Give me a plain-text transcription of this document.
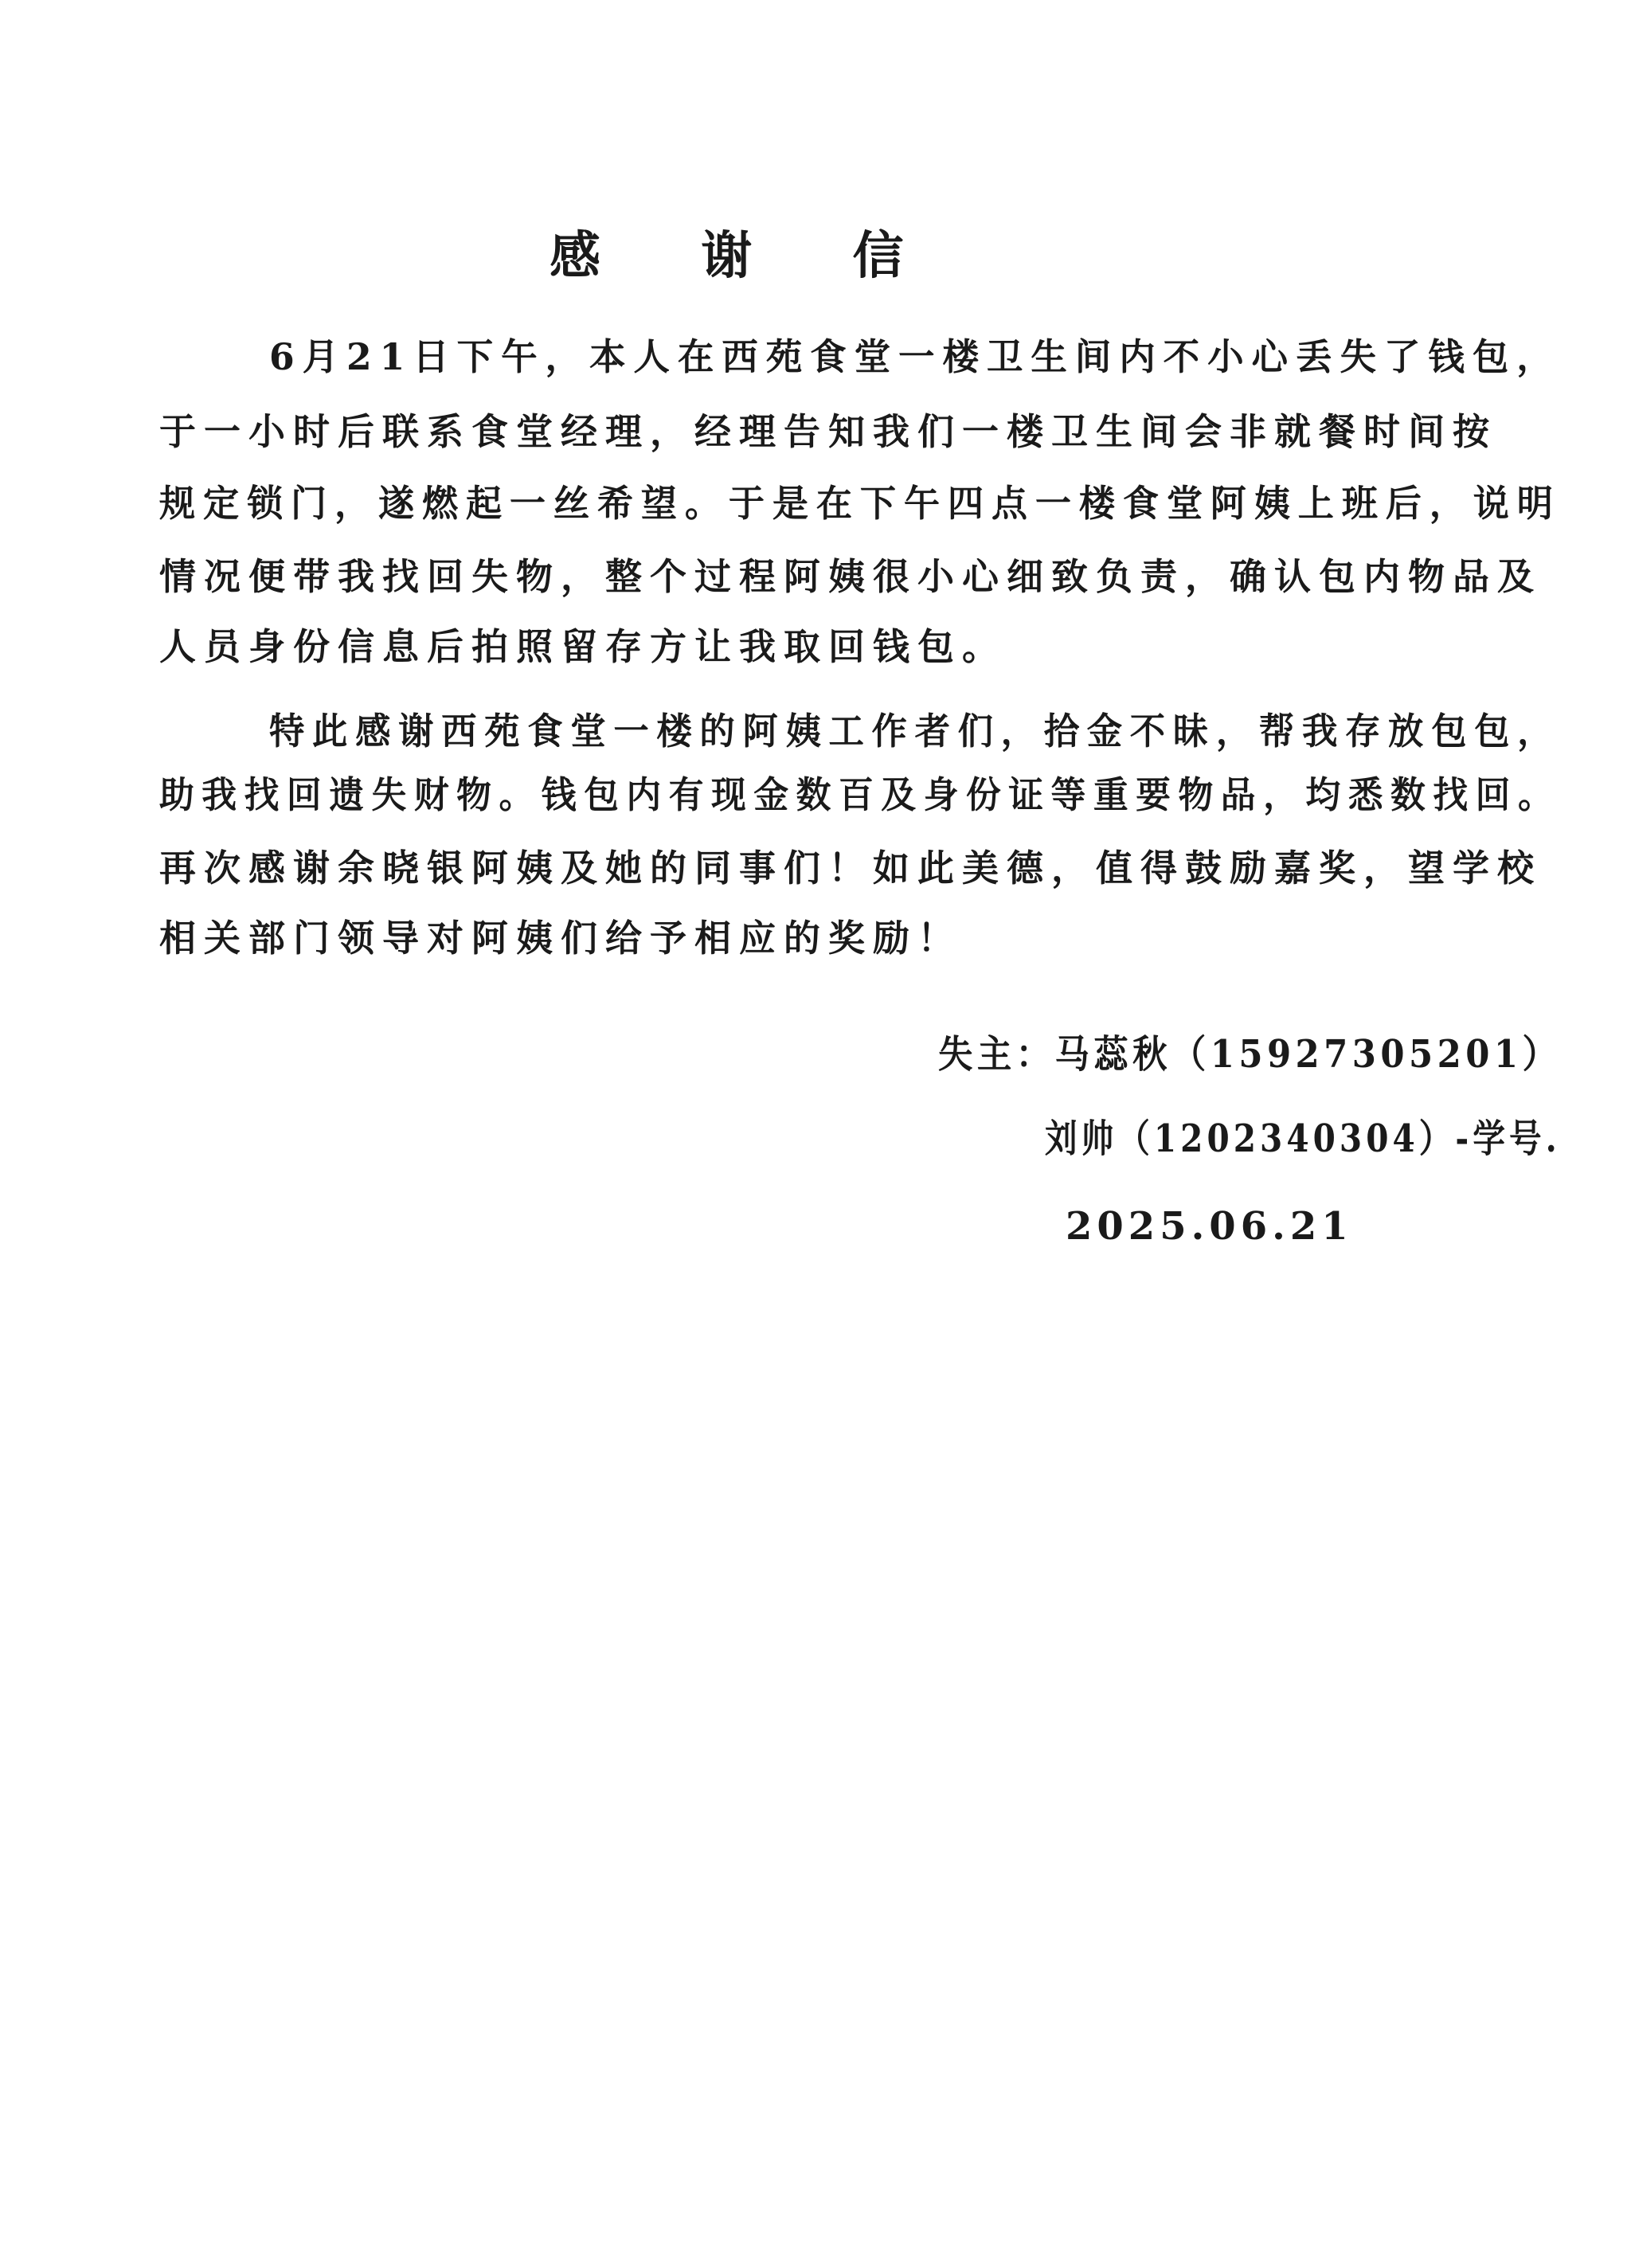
感 谢 信
6月21日下午，本人在西苑食堂一楼卫生间内不小心丢失了钱包，
于一小时后联系食堂经理，经理告知我们一楼卫生间会非就餐时间按
规定锁门，遂燃起一丝希望。于是在下午四点一楼食堂阿姨上班后，说明
情况便带我找回失物，整个过程阿姨很小心细致负责，确认包内物品及
人员身份信息后拍照留存方让我取回钱包。
特此感谢西苑食堂一楼的阿姨工作者们，拾金不昧，帮我存放包包，
助我找回遗失财物。钱包内有现金数百及身份证等重要物品，均悉数找回。
再次感谢余晓银阿姨及她的同事们！如此美德，值得鼓励嘉奖，望学校
相关部门领导对阿姨们给予相应的奖励！
失主：马蕊秋（15927305201）
刘帅（1202340304）-学号.
2025.06.21
